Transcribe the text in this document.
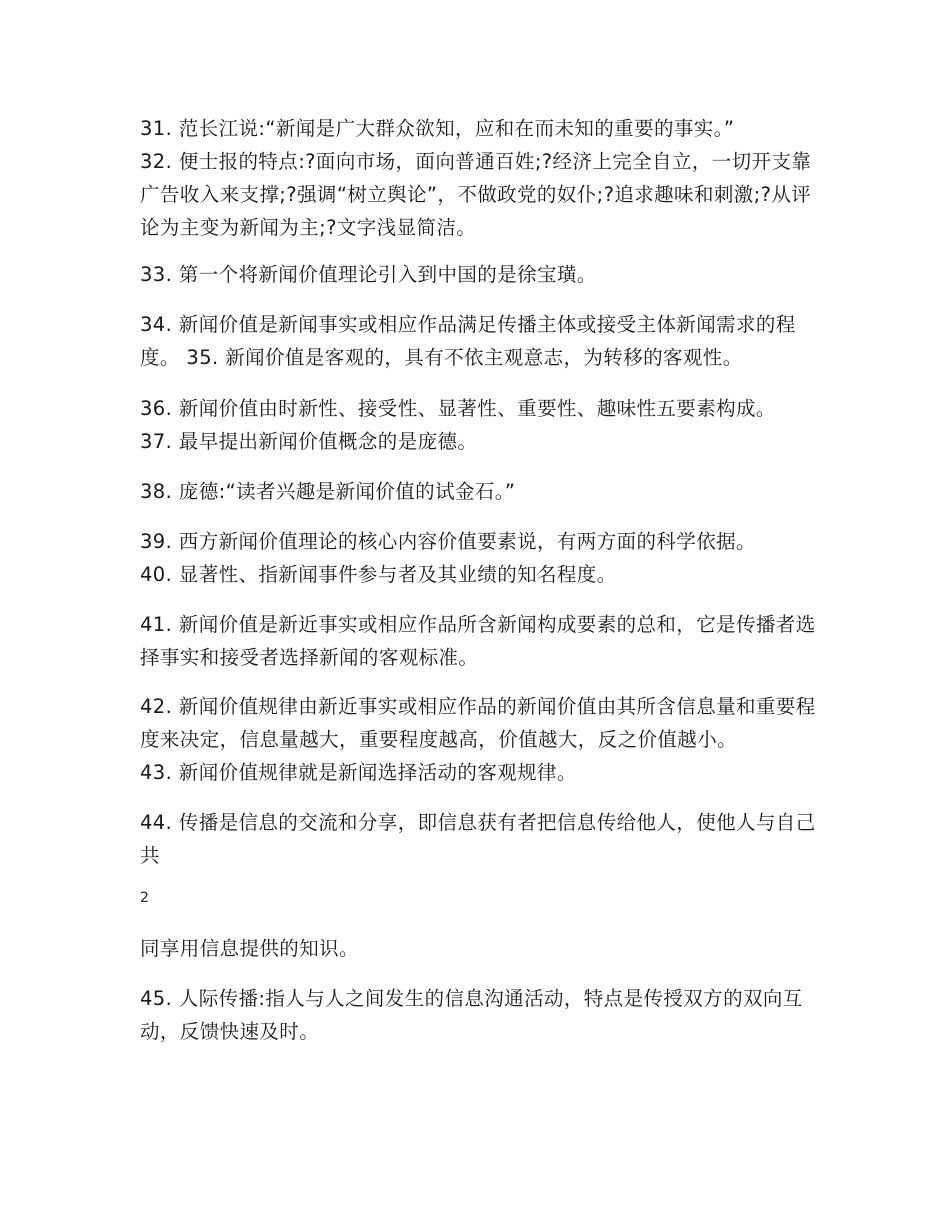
31. 范长江说:“新闻是广大群众欲知，应和在而未知的重要的事实。”

32. 便士报的特点:?面向市场，面向普通百姓;?经济上完全自立，一切开支靠广告收入来支撑;?强调“树立舆论”，不做政党的奴仆;?追求趣味和刺激;?从评论为主变为新闻为主;?文字浅显简洁。

33. 第一个将新闻价值理论引入到中国的是徐宝璜。

34. 新闻价值是新闻事实或相应作品满足传播主体或接受主体新闻需求的程度。 35. 新闻价值是客观的，具有不依主观意志，为转移的客观性。

36. 新闻价值由时新性、接受性、显著性、重要性、趣味性五要素构成。

37. 最早提出新闻价值概念的是庞德。

38. 庞德:“读者兴趣是新闻价值的试金石。”

39. 西方新闻价值理论的核心内容价值要素说，有两方面的科学依据。

40. 显著性、指新闻事件参与者及其业绩的知名程度。

41. 新闻价值是新近事实或相应作品所含新闻构成要素的总和，它是传播者选择事实和接受者选择新闻的客观标准。

42. 新闻价值规律由新近事实或相应作品的新闻价值由其所含信息量和重要程度来决定，信息量越大，重要程度越高，价值越大，反之价值越小。

43. 新闻价值规律就是新闻选择活动的客观规律。

44. 传播是信息的交流和分享，即信息获有者把信息传给他人，使他人与自己共

2

同享用信息提供的知识。

45. 人际传播:指人与人之间发生的信息沟通活动，特点是传授双方的双向互动，反馈快速及时。
